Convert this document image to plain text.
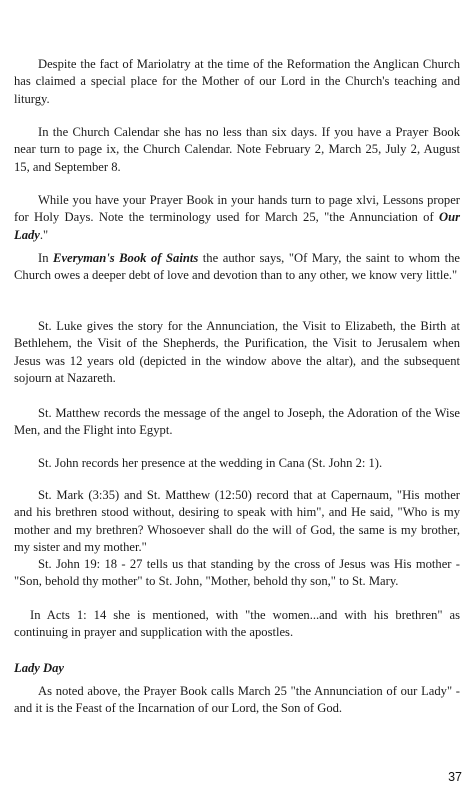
Despite the fact of Mariolatry at the time of the Reformation the Anglican Church has claimed a special place for the Mother of our Lord in the Church's teaching and liturgy.

In the Church Calendar she has no less than six days. If you have a Prayer Book near turn to page ix, the Church Calendar. Note February 2, March 25, July 2, August 15, and September 8.

While you have your Prayer Book in your hands turn to page xlvi, Lessons proper for Holy Days. Note the terminology used for March 25, "the Annunciation of Our Lady."

In Everyman's Book of Saints the author says, "Of Mary, the saint to whom the Church owes a deeper debt of love and devotion than to any other, we know very little."

St. Luke gives the story for the Annunciation, the Visit to Elizabeth, the Birth at Bethlehem, the Visit of the Shepherds, the Purification, the Visit to Jerusalem when Jesus was 12 years old (depicted in the window above the altar), and the subsequent sojourn at Nazareth.

St. Matthew records the message of the angel to Joseph, the Adoration of the Wise Men, and the Flight into Egypt.

St. John records her presence at the wedding in Cana (St. John 2: 1).

St. Mark (3:35) and St. Matthew (12:50) record that at Capernaum, "His mother and his brethren stood without, desiring to speak with him", and He said, "Who is my mother and my brethren? Whosoever shall do the will of God, the same is my brother, my sister and my mother."

St. John 19: 18 - 27 tells us that standing by the cross of Jesus was His mother - "Son, behold thy mother" to St. John, "Mother, behold thy son," to St. Mary.

In Acts 1: 14 she is mentioned, with "the women...and with his brethren" as continuing in prayer and supplication with the apostles.

Lady Day

As noted above, the Prayer Book calls March 25 "the Annunciation of our Lady" - and it is the Feast of the Incarnation of our Lord, the Son of God.

37
